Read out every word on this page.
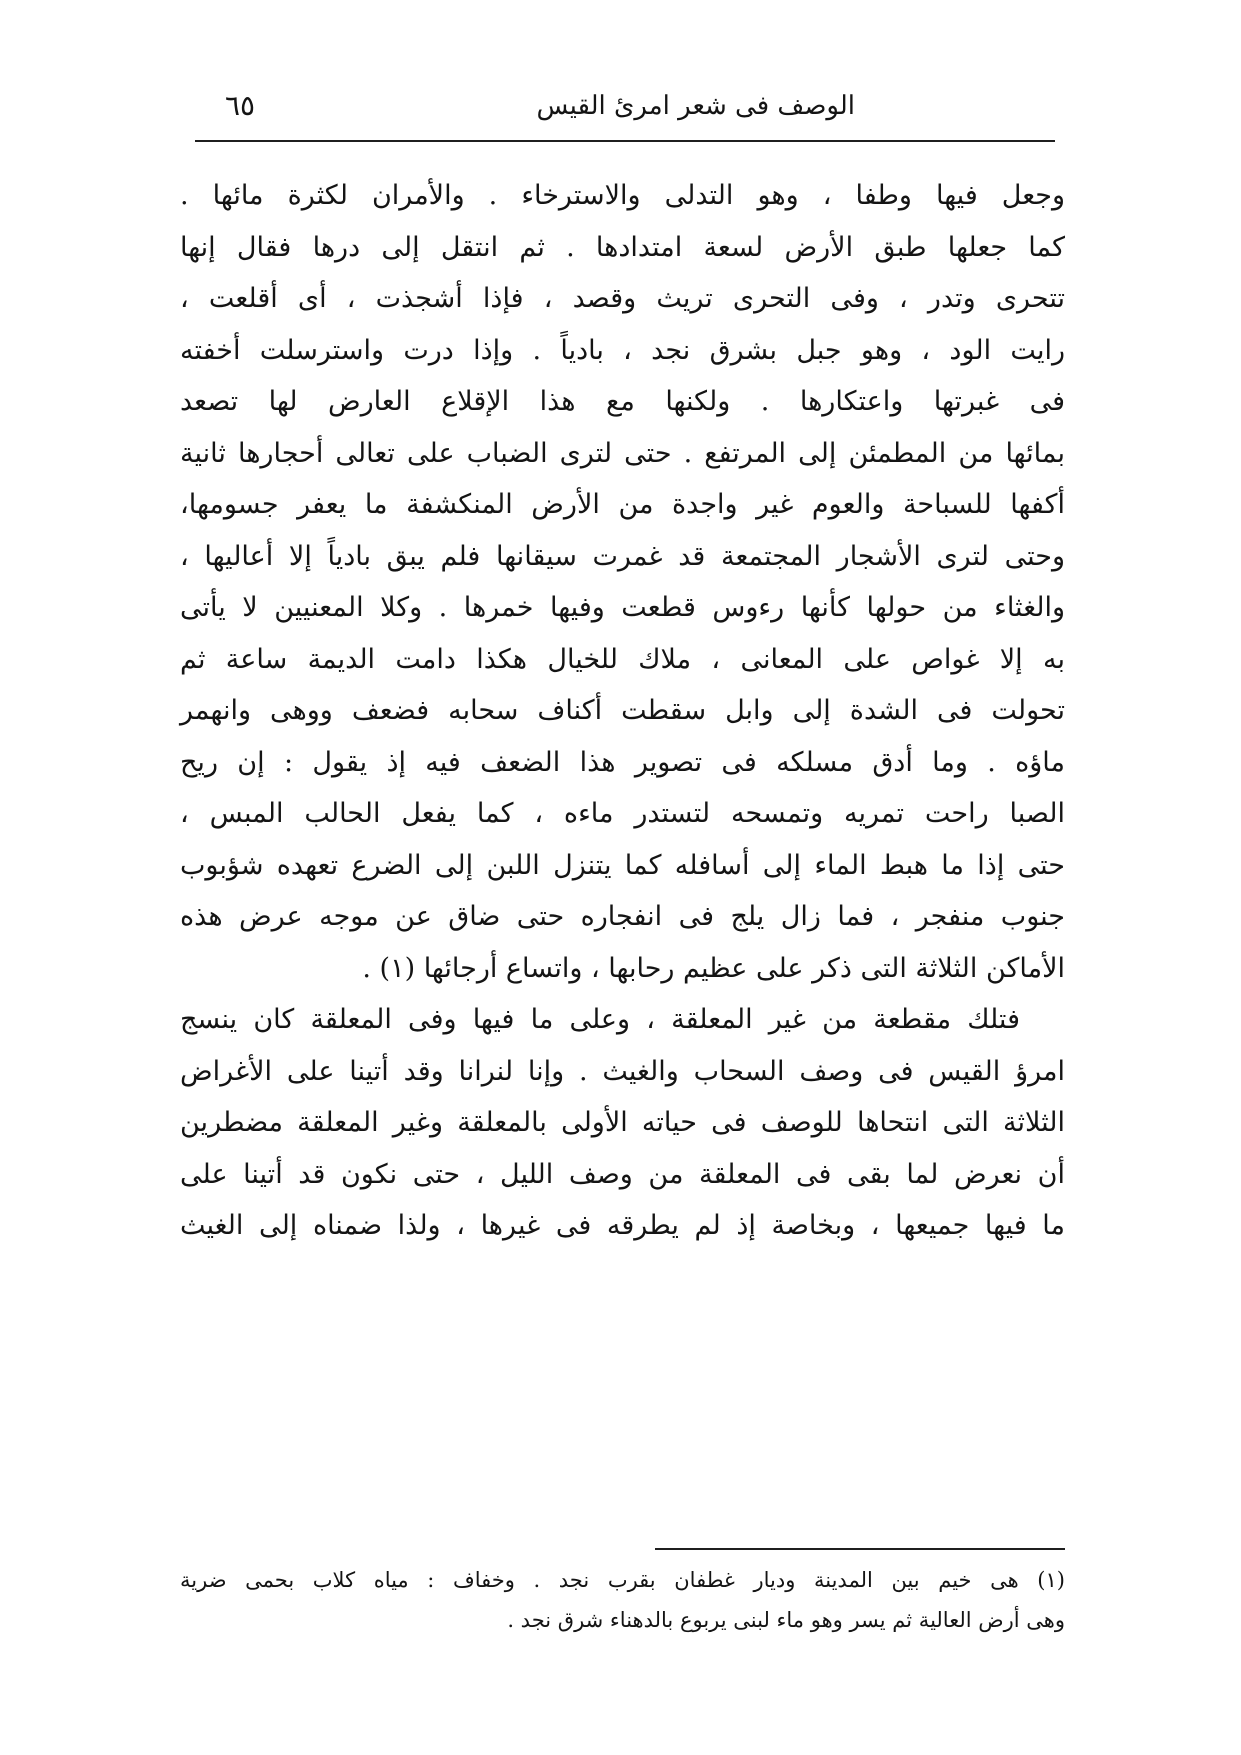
الوصف فى شعر امرئ القيس
٦٥
وجعل فيها وطفا ، وهو التدلى والاسترخاء . والأمران لكثرة مائها .
كما جعلها طبق الأرض لسعة امتدادها . ثم انتقل إلى درها فقال إنها
تتحرى وتدر ، وفى التحرى تريث وقصد ، فإذا أشجذت ، أى أقلعت ،
رايت الود ، وهو جبل بشرق نجد ، بادياً . وإذا درت واسترسلت أخفته
فى غبرتها واعتكارها . ولكنها مع هذا الإقلاع العارض لها تصعد
بمائها من المطمئن إلى المرتفع . حتى لترى الضباب على تعالى أحجارها ثانية
أكفها للسباحة والعوم غير واجدة من الأرض المنكشفة ما يعفر جسومها،
وحتى لترى الأشجار المجتمعة قد غمرت سيقانها فلم يبق بادياً إلا أعاليها ،
والغثاء من حولها كأنها رءوس قطعت وفيها خمرها . وكلا المعنيين لا يأتى
به إلا غواص على المعانى ، ملاك للخيال هكذا دامت الديمة ساعة ثم
تحولت فى الشدة إلى وابل سقطت أكناف سحابه فضعف ووهى وانهمر
ماؤه . وما أدق مسلكه فى تصوير هذا الضعف فيه إذ يقول : إن ريح
الصبا راحت تمريه وتمسحه لتستدر ماءه ، كما يفعل الحالب المبس ،
حتى إذا ما هبط الماء إلى أسافله كما يتنزل اللبن إلى الضرع تعهده شؤبوب
جنوب منفجر ، فما زال يلج فى انفجاره حتى ضاق عن موجه عرض هذه
الأماكن الثلاثة التى ذكر على عظيم رحابها ، واتساع أرجائها (١) .
فتلك مقطعة من غير المعلقة ، وعلى ما فيها وفى المعلقة كان ينسج
امرؤ القيس فى وصف السحاب والغيث . وإنا لنرانا وقد أتينا على الأغراض
الثلاثة التى انتحاها للوصف فى حياته الأولى بالمعلقة وغير المعلقة مضطرين
أن نعرض لما بقى فى المعلقة من وصف الليل ، حتى نكون قد أتينا على
ما فيها جميعها ، وبخاصة إذ لم يطرقه فى غيرها ، ولذا ضمناه إلى الغيث
(١) هى خيم بين المدينة وديار غطفان بقرب نجد . وخفاف : مياه كلاب بحمى ضرية
وهى أرض العالية ثم يسر وهو ماء لبنى يربوع بالدهناء شرق نجد .
